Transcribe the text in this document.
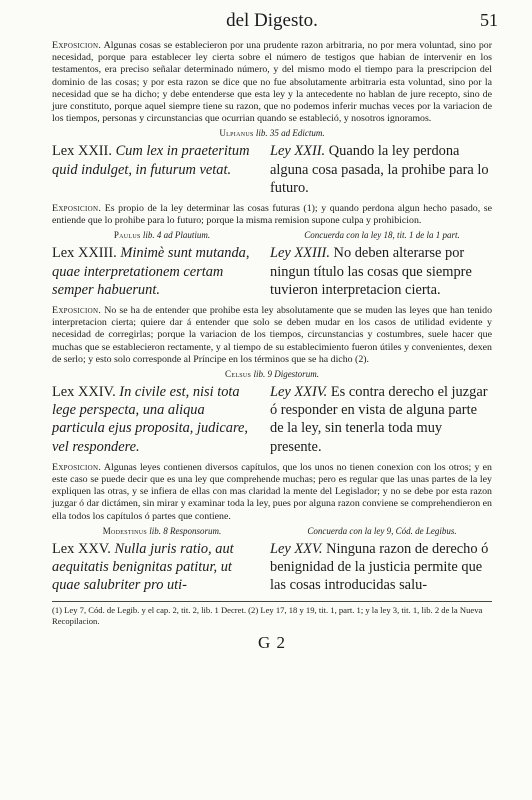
del Digesto.	51

Exposicion. Algunas cosas se establecieron por una prudente razon arbitraria, no por mera voluntad, sino por necesidad, porque para establecer ley cierta sobre el número de testigos que habian de intervenir en los testamentos, era preciso señalar determinado número, y del mismo modo el tiempo para la prescripcion del dominio de las cosas; y por esta razon se dice que no fue absolutamente arbitraria esta voluntad, sino por la necesidad que se ha dicho; y debe entenderse que esta ley y la antecedente no hablan de jure recepto, sino de jure constituto, porque aquel siempre tiene su razon, que no podemos inferir muchas veces por la variacion de los tiempos, personas y circunstancias que ocurrian quando se estableció, y nosotros ignoramos.

Ulpianus lib. 35 ad Edictum.
Lex XXII. Cum lex in praeteritum quid indulget, in futurum vetat.
Ley XXII. Quando la ley perdona alguna cosa pasada, la prohibe para lo futuro.

Exposicion. Es propio de la ley determinar las cosas futuras (1); y quando perdona algun hecho pasado, se entiende que lo prohibe para lo futuro; porque la misma remision supone culpa y prohibicion.

Paulus lib. 4 ad Plautium.	Concuerda con la ley 18, tit. 1 de la 1 part.
Lex XXIII. Minimè sunt mutanda, quae interpretationem certam semper habuerunt.
Ley XXIII. No deben alterarse por ningun título las cosas que siempre tuvieron interpretacion cierta.

Exposicion. No se ha de entender que prohibe esta ley absolutamente que se muden las leyes que han tenido interpretacion cierta; quiere dar á entender que solo se deben mudar en los casos de utilidad evidente y necesidad de corregirlas; porque la variacion de los tiempos, circunstancias y costumbres, suele hacer que muchas que se establecieron rectamente, y al tiempo de su establecimiento fueron útiles y convenientes, dexen de serlo; y esto solo corresponde al Príncipe en los términos que se ha dicho (2).

Celsus lib. 9 Digestorum.
Lex XXIV. In civile est, nisi tota lege perspecta, una aliqua particula ejus proposita, judicare, vel respondere.
Ley XXIV. Es contra derecho el juzgar ó responder en vista de alguna parte de la ley, sin tenerla toda muy presente.

Exposicion. Algunas leyes contienen diversos capítulos, que los unos no tienen conexion con los otros; y en este caso se puede decir que es una ley que comprehende muchas; pero es regular que las unas partes de la ley expliquen las otras, y se infiera de ellas con mas claridad la mente del Legislador; y no se debe por esta razon juzgar ó dar dictámen, sin mirar y examinar toda la ley, pues por alguna razon conviene se comprehendieron en ella todos los capítulos ó partes que contiene.

Modestinus lib. 8 Responsorum.	Concuerda con la ley 9, Cód. de Legibus.
Lex XXV. Nulla juris ratio, aut aequitatis benignitas patitur, ut quae salubriter pro uti-
Ley XXV. Ninguna razon de derecho ó benignidad de la justicia permite que las cosas introducidas salu-
(1) Ley 7, Cód. de Legib. y el cap. 2, tit. 2, lib. 1 Decret. (2) Ley 17, 18 y 19, tit. 1, part. 1; y la ley 3, tit. 1, lib. 2 de la Nueva Recopilacion.
G 2
